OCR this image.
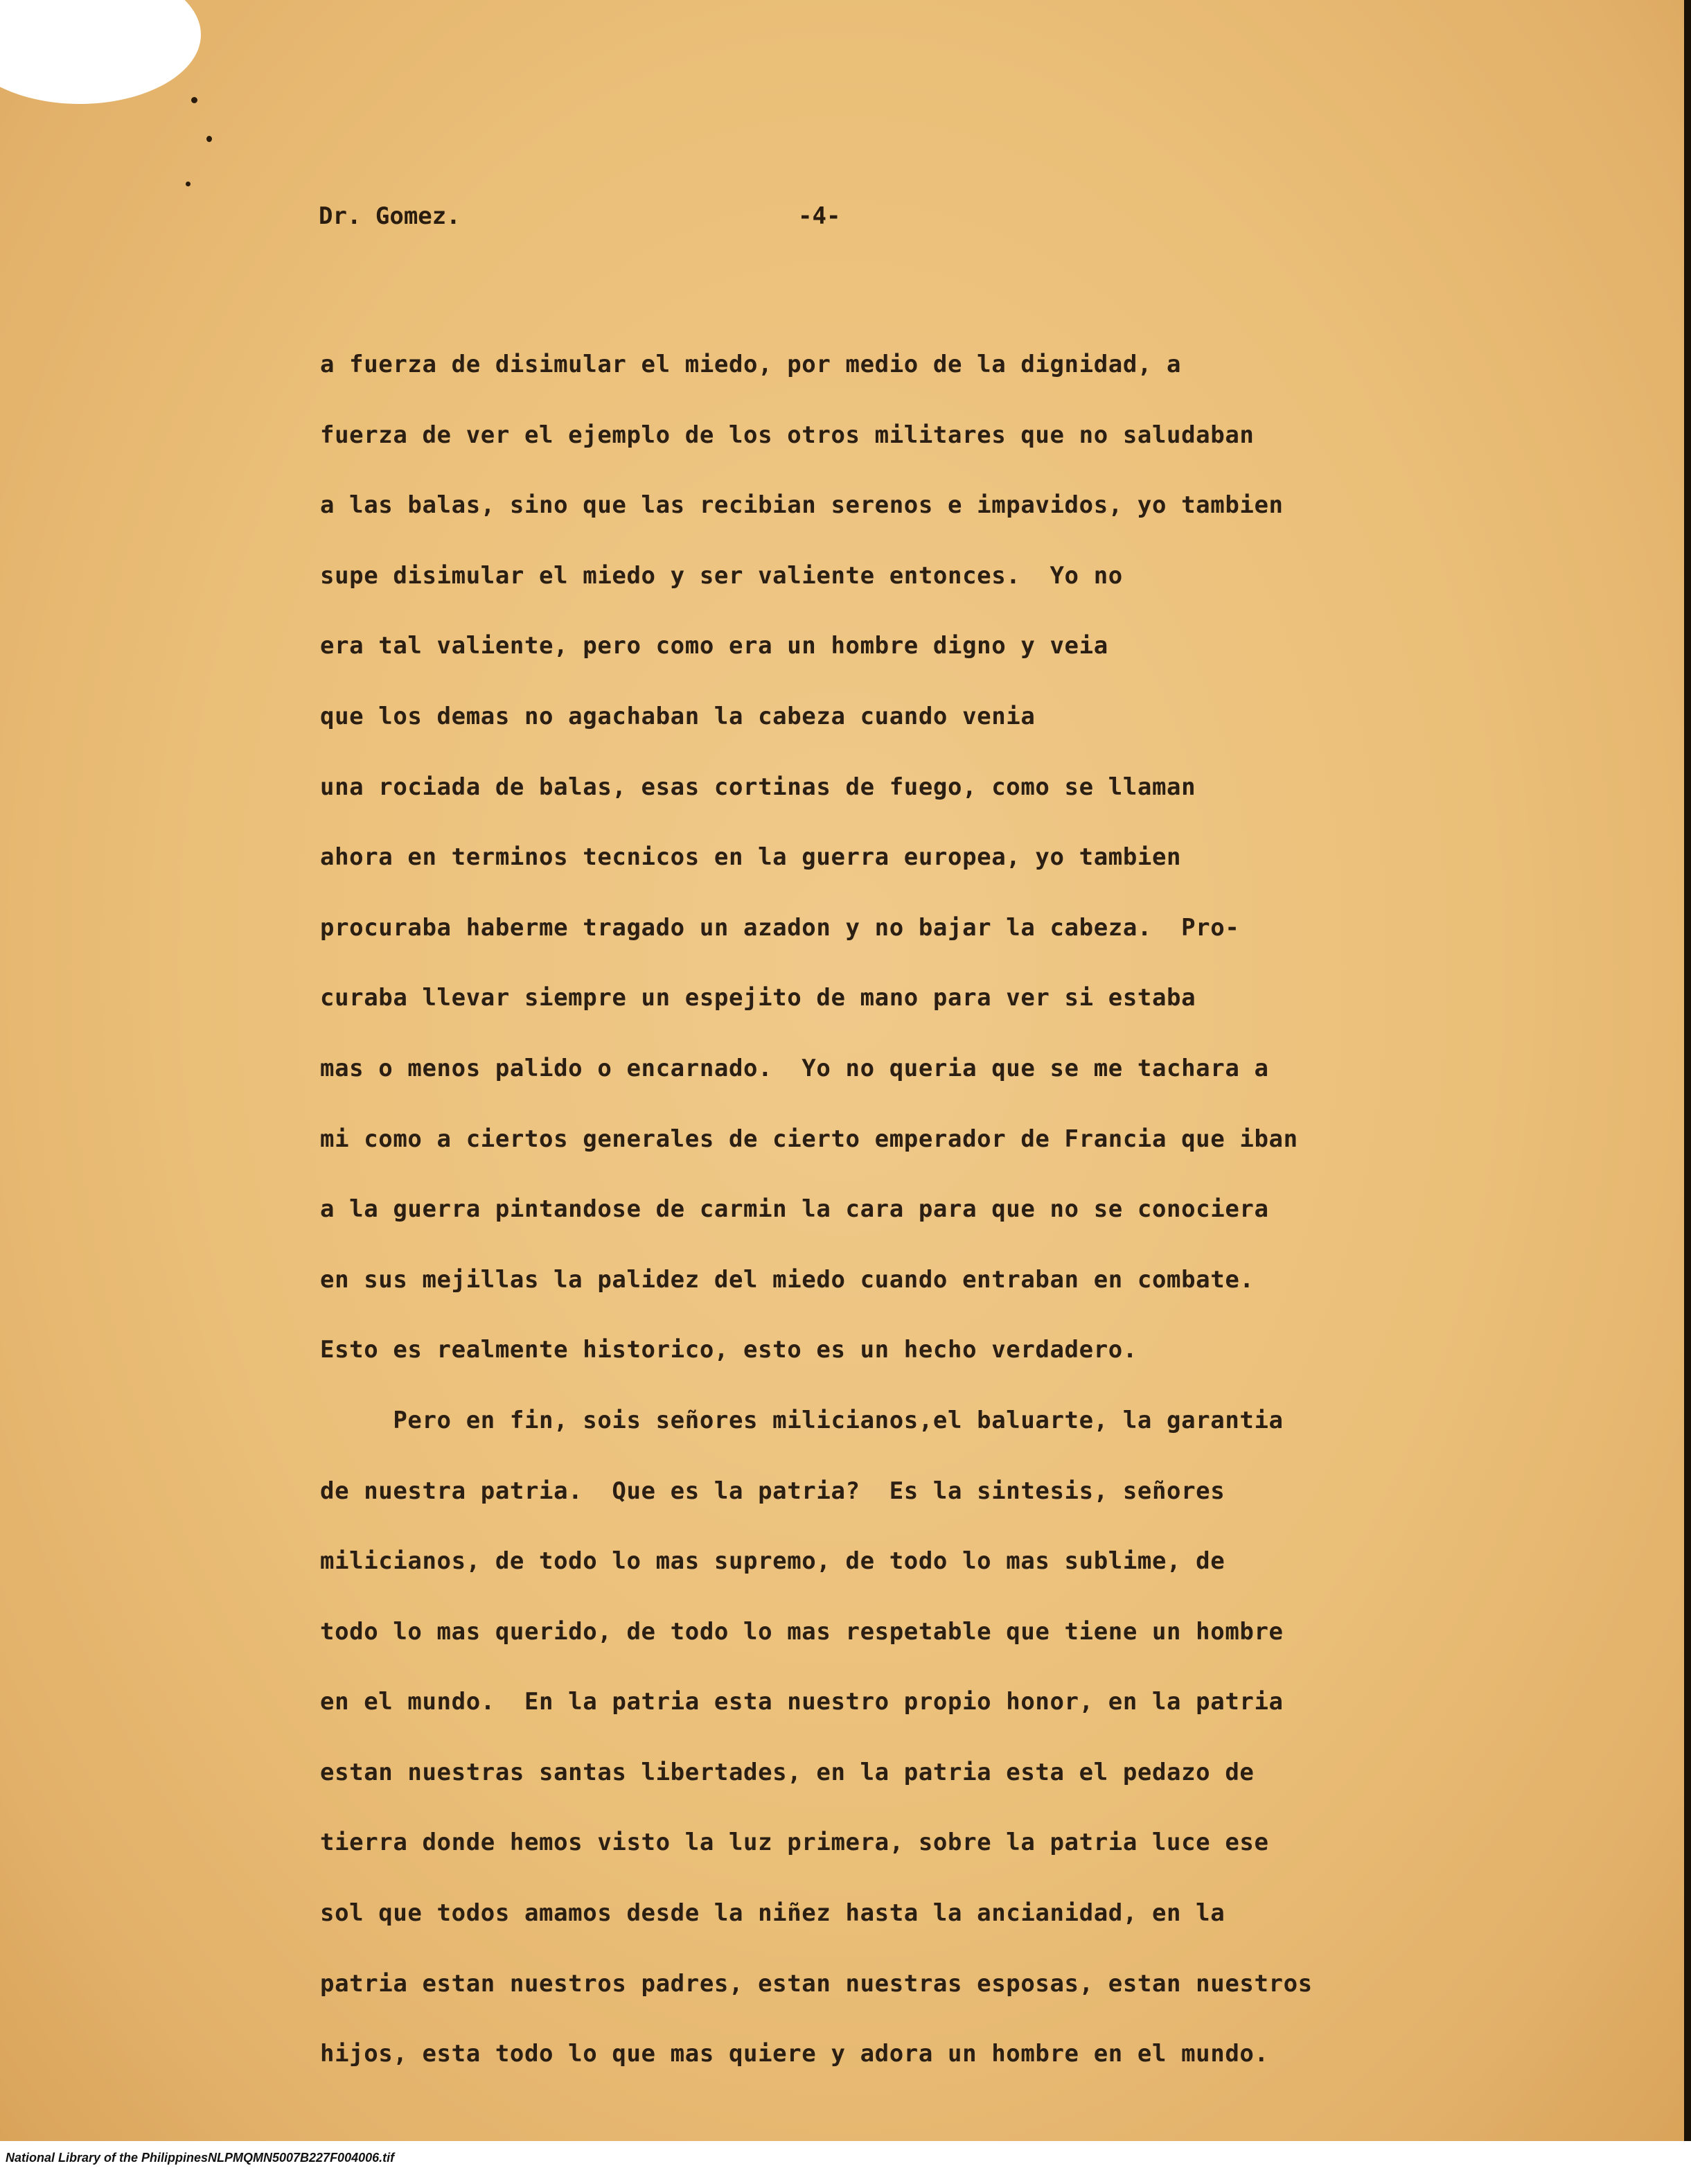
Dr. Gomez.	-4-
a fuerza de disimular el miedo, por medio de la dignidad, a
fuerza de ver el ejemplo de los otros militares que no saludaban
a las balas, sino que las recibian serenos e impavidos, yo tambien
supe disimular el miedo y ser valiente entonces.  Yo no
era tal valiente, pero como era un hombre digno y veia
que los demas no agachaban la cabeza cuando venia
una rociada de balas, esas cortinas de fuego, como se llaman
ahora en terminos tecnicos en la guerra europea, yo tambien
procuraba haberme tragado un azadon y no bajar la cabeza.  Pro-
curaba llevar siempre un espejito de mano para ver si estaba
mas o menos palido o encarnado.  Yo no queria que se me tachara a
mi como a ciertos generales de cierto emperador de Francia que iban
a la guerra pintandose de carmin la cara para que no se conociera
en sus mejillas la palidez del miedo cuando entraban en combate.
Esto es realmente historico, esto es un hecho verdadero.
Pero en fin, sois señores milicianos,el baluarte, la garantia
de nuestra patria.  Que es la patria?  Es la sintesis, señores
milicianos, de todo lo mas supremo, de todo lo mas sublime, de
todo lo mas querido, de todo lo mas respetable que tiene un hombre
en el mundo.  En la patria esta nuestro propio honor, en la patria
estan nuestras santas libertades, en la patria esta el pedazo de
tierra donde hemos visto la luz primera, sobre la patria luce ese
sol que todos amamos desde la niñez hasta la ancianidad, en la
patria estan nuestros padres, estan nuestras esposas, estan nuestros
hijos, esta todo lo que mas quiere y adora un hombre en el mundo.
National Library of the Philippines NLPMQMN5007B227F004006.tif
